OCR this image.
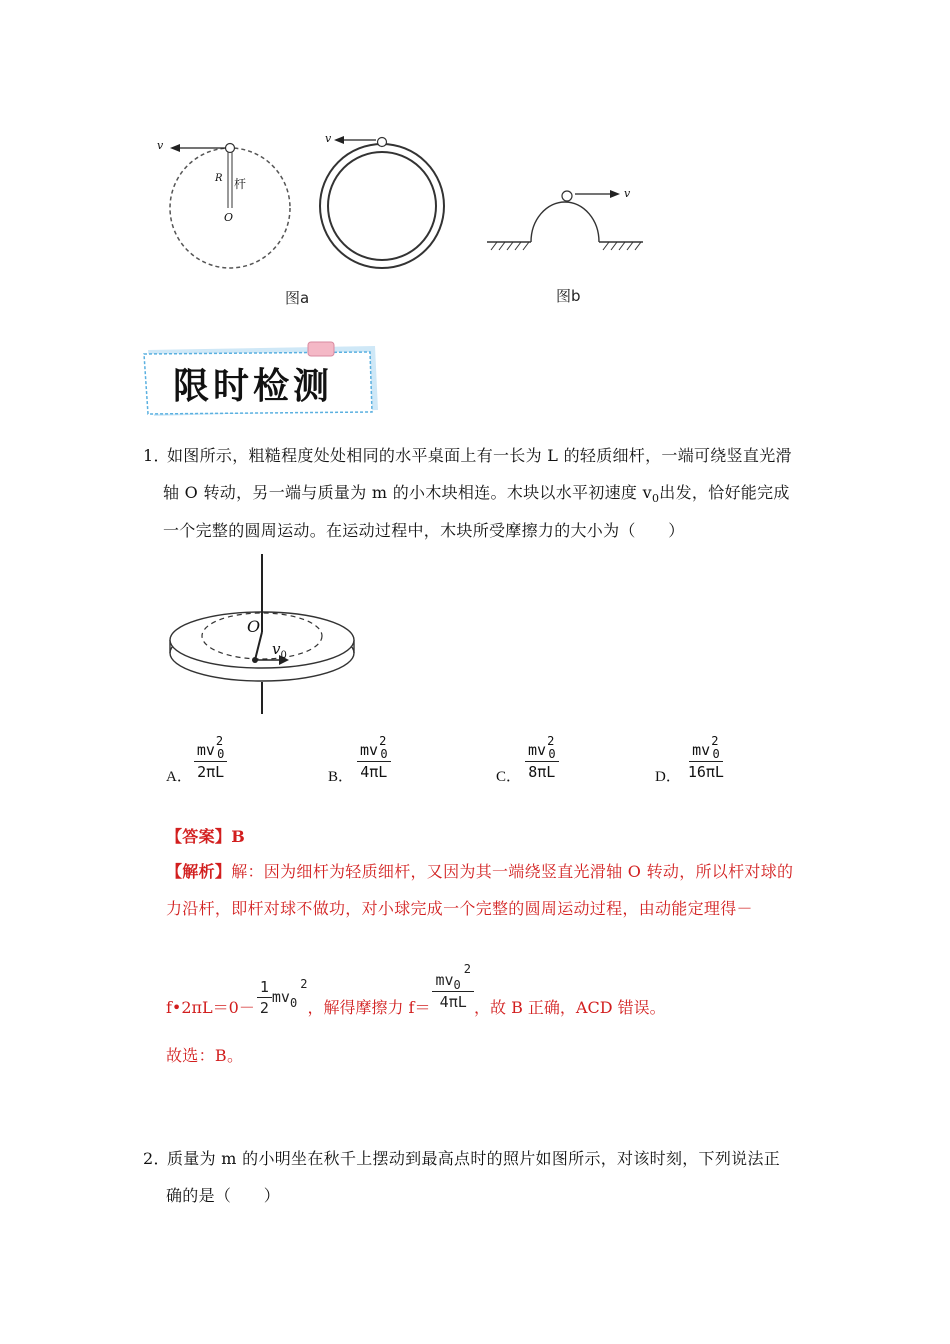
v
R 杆
O
v
v
图a	图b
限时检测
1．
如图所示，粗糙程度处处相同的水平桌面上有一长为 L 的轻质细杆，一端可绕竖直光滑
轴 O 转动，另一端与质量为 m 的小木块相连。木块以水平初速度 $v_0$出发，恰好能完成
一个完整的圆周运动。在运动过程中，木块所受摩擦力的大小为（　　）
O
$v_0$
A． $\frac{mv^2_0}{2\pi L}$	B． $\frac{mv^2_0}{4\pi L}$	C． $\frac{mv^2_0}{8\pi L}$	D． $\frac{mv^2_0}{16\pi L}$
【答案】B
【解析】解：因为细杆为轻质细杆，又因为其一端绕竖直光滑轴 O 转动，所以杆对球的
力沿杆，即杆对球不做功，对小球完成一个完整的圆周运动过程，由动能定理得－
f•2πL＝0－ $\frac{1}{2} mv_0^2$
，解得摩擦力 $f= \frac{mv_0^2}{4\pi L}$ ，故 B 正确，ACD 错误。
故选：B。
2．
质量为 m 的小明坐在秋千上摆动到最高点时的照片如图所示，对该时刻，下列说法正
确的是（　　）
